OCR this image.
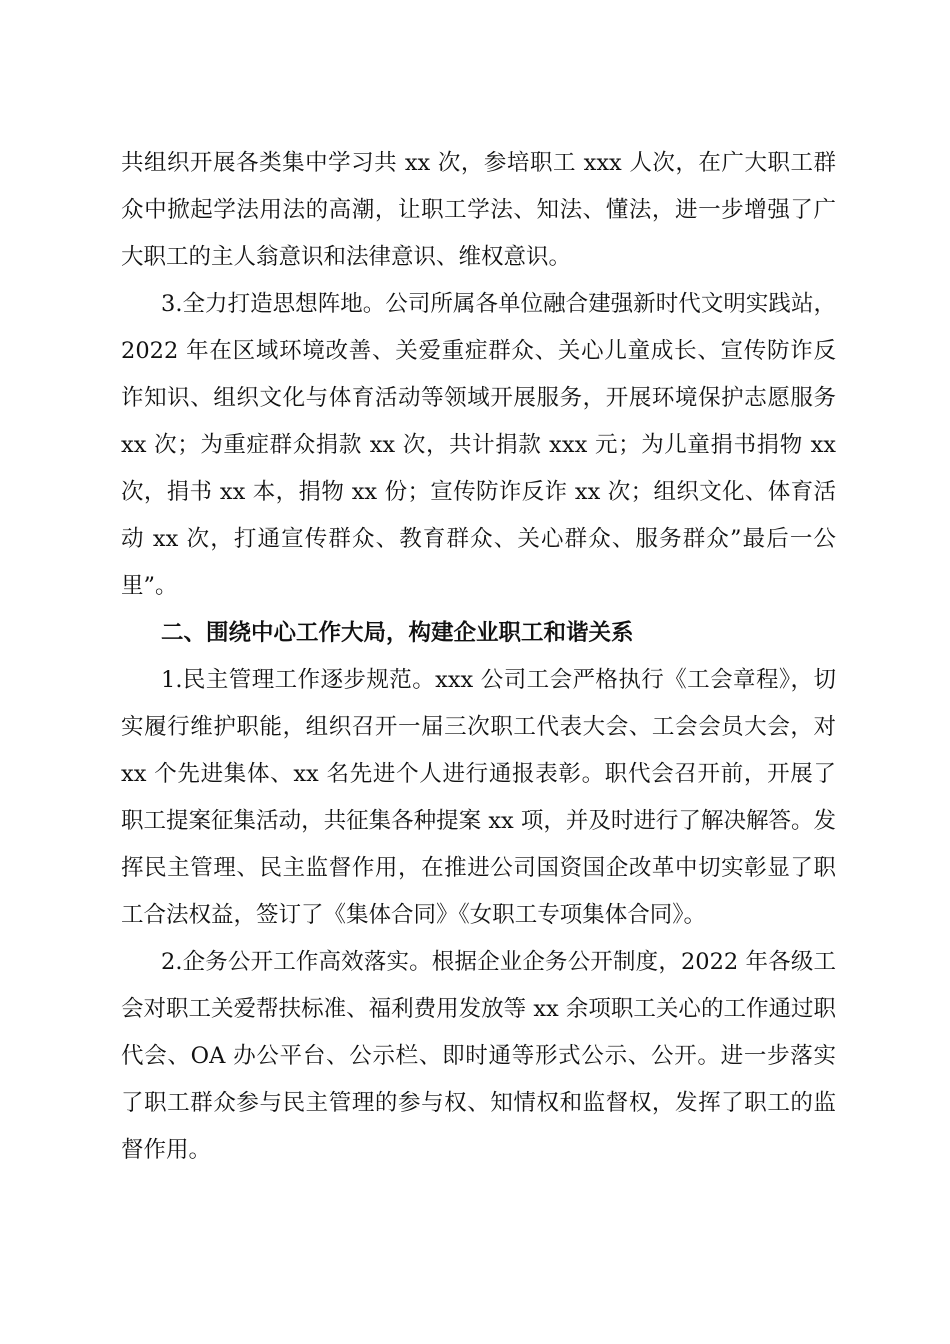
共组织开展各类集中学习共 xx 次，参培职工 xxx 人次，在广大职工群众中掀起学法用法的高潮，让职工学法、知法、懂法，进一步增强了广大职工的主人翁意识和法律意识、维权意识。

3.全力打造思想阵地。公司所属各单位融合建强新时代文明实践站，2022 年在区域环境改善、关爱重症群众、关心儿童成长、宣传防诈反诈知识、组织文化与体育活动等领域开展服务，开展环境保护志愿服务 xx 次；为重症群众捐款 xx 次，共计捐款 xxx 元；为儿童捐书捐物 xx 次，捐书 xx 本，捐物 xx 份；宣传防诈反诈 xx 次；组织文化、体育活动 xx 次，打通宣传群众、教育群众、关心群众、服务群众”最后一公里”。

二、围绕中心工作大局，构建企业职工和谐关系

1.民主管理工作逐步规范。xxx 公司工会严格执行《工会章程》，切实履行维护职能，组织召开一届三次职工代表大会、工会会员大会，对 xx 个先进集体、xx 名先进个人进行通报表彰。职代会召开前，开展了职工提案征集活动，共征集各种提案 xx 项，并及时进行了解决解答。发挥民主管理、民主监督作用，在推进公司国资国企改革中切实彰显了职工合法权益，签订了《集体合同》《女职工专项集体合同》。

2.企务公开工作高效落实。根据企业企务公开制度，2022 年各级工会对职工关爱帮扶标准、福利费用发放等 xx 余项职工关心的工作通过职代会、OA 办公平台、公示栏、即时通等形式公示、公开。进一步落实了职工群众参与民主管理的参与权、知情权和监督权，发挥了职工的监督作用。
